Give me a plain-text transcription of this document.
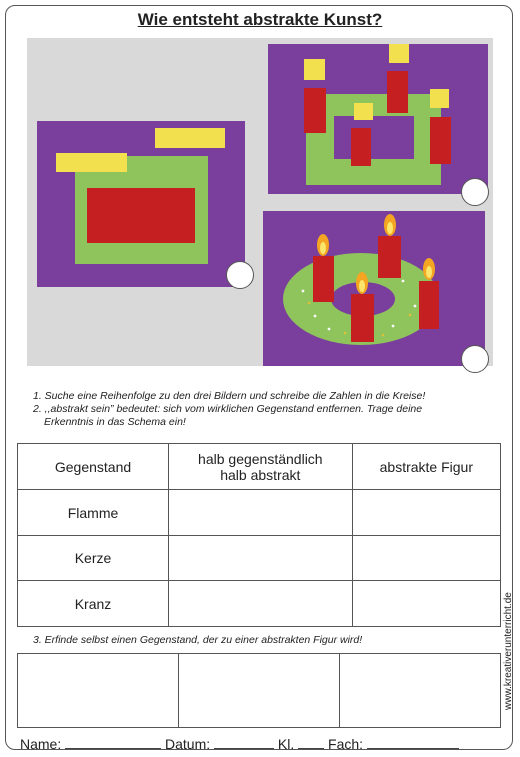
Wie entsteht abstrakte Kunst?
1. Suche eine Reihenfolge zu den drei Bildern und schreibe die Zahlen in die Kreise!
2. ,,abstrakt sein” bedeutet: sich vom wirklichen Gegenstand entfernen. Trage deine
Erkenntnis in das Schema ein!
Gegenstand	halb gegenständlich halb abstrakt	abstrakte Figur
Flamme		
Kerze		
Kranz		
3. Erfinde selbst einen Gegenstand, der zu einer abstrakten Figur wird!

Name:	Datum:	Kl. Fach:
www.kreativerunterricht.de
